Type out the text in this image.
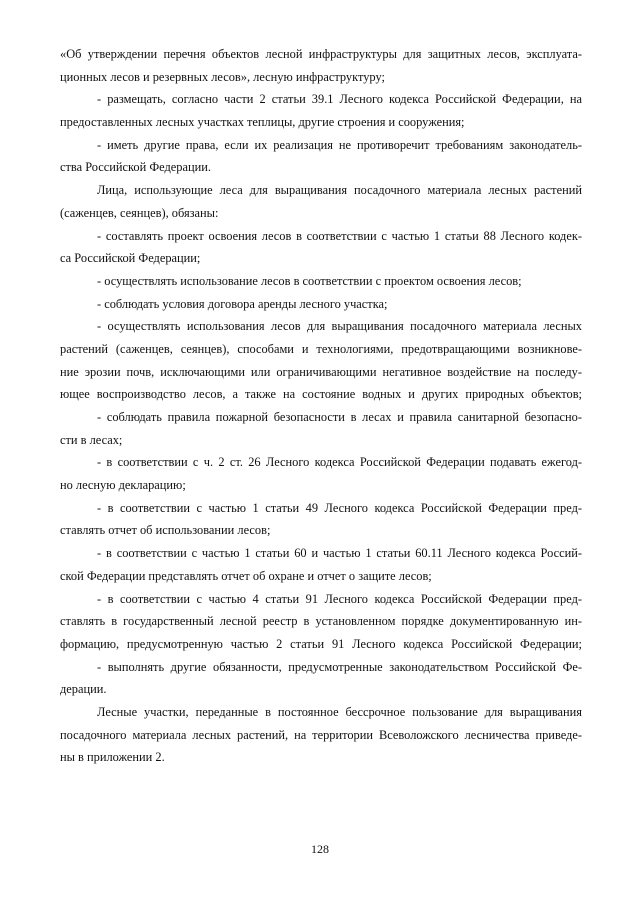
«Об утверждении перечня объектов лесной инфраструктуры для защитных лесов, эксплуата-
ционных лесов и резервных лесов», лесную инфраструктуру;
- размещать, согласно части 2 статьи 39.1 Лесного кодекса Российской Федерации, на
предоставленных лесных участках теплицы, другие строения и сооружения;
- иметь другие права, если их реализация не противоречит требованиям законодатель-
ства Российской Федерации.
Лица, использующие леса для выращивания посадочного материала лесных растений
(саженцев, сеянцев), обязаны:
- составлять проект освоения лесов в соответствии с частью 1 статьи 88 Лесного кодек-
са Российской Федерации;
- осуществлять использование лесов в соответствии с проектом освоения лесов;
- соблюдать условия договора аренды лесного участка;
- осуществлять использования лесов для выращивания посадочного материала лесных
растений (саженцев, сеянцев), способами и технологиями, предотвращающими возникнове-
ние эрозии почв, исключающими или ограничивающими негативное воздействие на последу-
ющее воспроизводство лесов, а также на состояние водных и других природных объектов;
- соблюдать правила пожарной безопасности в лесах и правила санитарной безопасно-
сти в лесах;
- в соответствии с ч. 2 ст. 26 Лесного кодекса Российской Федерации подавать ежегод-
но лесную декларацию;
- в соответствии с частью 1 статьи 49 Лесного кодекса Российской Федерации пред-
ставлять отчет об использовании лесов;
- в соответствии с частью 1 статьи 60 и частью 1 статьи 60.11 Лесного кодекса Россий-
ской Федерации представлять отчет об охране и отчет о защите лесов;
- в соответствии с частью 4 статьи 91 Лесного кодекса Российской Федерации пред-
ставлять в государственный лесной реестр в установленном порядке документированную ин-
формацию, предусмотренную частью 2 статьи 91 Лесного кодекса Российской Федерации;
- выполнять другие обязанности, предусмотренные законодательством Российской Фе-
дерации.
Лесные участки, переданные в постоянное бессрочное пользование для выращивания
посадочного материала лесных растений, на территории Всеволожского лесничества приведе-
ны в приложении 2.
128
